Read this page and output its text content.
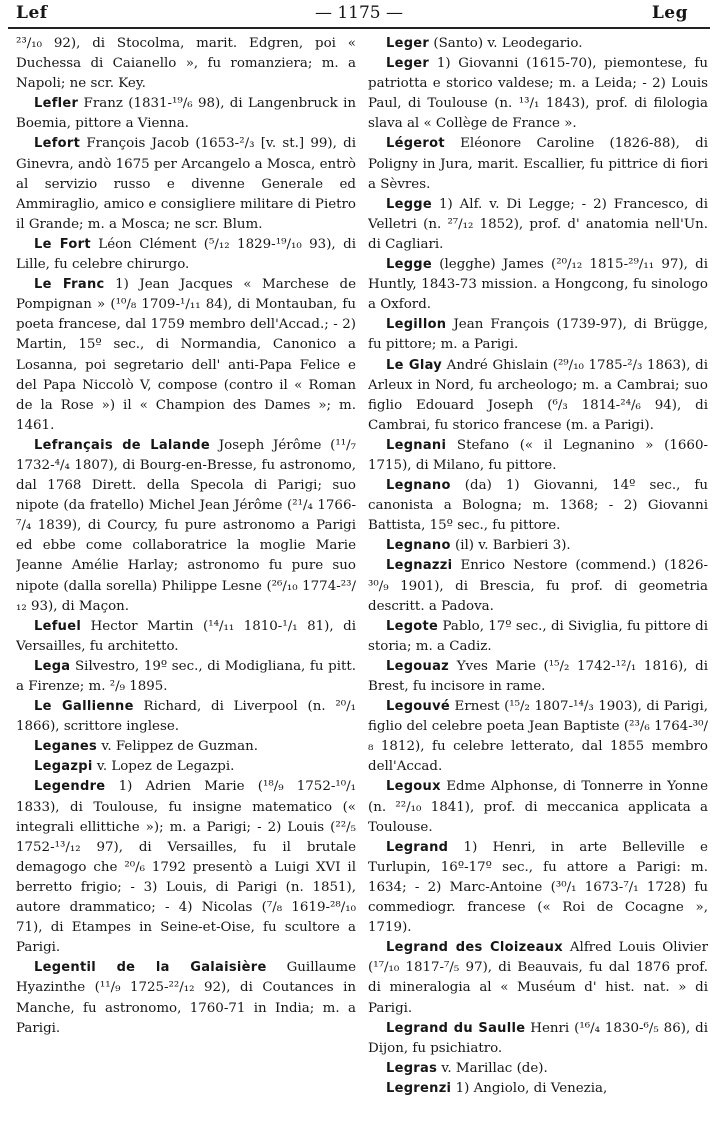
Lef	— 1175 —	Leg

²³/₁₀ 92), di Stocolma, marit. Edgren, poi « Duchessa di Caianello », fu romanziera; m. a Napoli; ne scr. Key.

Lefler Franz (1831-¹⁹/₆ 98), di Langenbruck in Boemia, pittore a Vienna.

Lefort François Jacob (1653-²/₃ [v. st.] 99), di Ginevra, andò 1675 per Arcangelo a Mosca, entrò al servizio russo e divenne Generale ed Ammiraglio, amico e consigliere militare di Pietro il Grande; m. a Mosca; ne scr. Blum.

Le Fort Léon Clément (⁵/₁₂ 1829-¹⁹/₁₀ 93), di Lille, fu celebre chirurgo.

Le Franc 1) Jean Jacques « Marchese de Pompignan » (¹⁰/₈ 1709-¹/₁₁ 84), di Montauban, fu poeta francese, dal 1759 membro dell'Accad.; - 2) Martin, 15º sec., di Normandia, Canonico a Losanna, poi segretario dell' anti-Papa Felice e del Papa Niccolò V, compose (contro il « Roman de la Rose ») il « Champion des Dames »; m. 1461.

Lefrançais de Lalande Joseph Jérôme (¹¹/₇ 1732-⁴/₄ 1807), di Bourg-en-Bresse, fu astronomo, dal 1768 Dirett. della Specola di Parigi; suo nipote (da fratello) Michel Jean Jérôme (²¹/₄ 1766-⁷/₄ 1839), di Courcy, fu pure astronomo a Parigi ed ebbe come collaboratrice la moglie Marie Jeanne Amélie Harlay; astronomo fu pure suo nipote (dalla sorella) Philippe Lesne (²⁶/₁₀ 1774-²³/₁₂ 93), di Maçon.

Lefuel Hector Martin (¹⁴/₁₁ 1810-¹/₁ 81), di Versailles, fu architetto.

Lega Silvestro, 19º sec., di Modigliana, fu pitt. a Firenze; m. ²/₉ 1895.

Le Gallienne Richard, di Liverpool (n. ²⁰/₁ 1866), scrittore inglese.

Leganes v. Felippez de Guzman.

Legazpi v. Lopez de Legazpi.

Legendre 1) Adrien Marie (¹⁸/₉ 1752-¹⁰/₁ 1833), di Toulouse, fu insigne matematico (« integrali ellittiche »); m. a Parigi; - 2) Louis (²²/₅ 1752-¹³/₁₂ 97), di Versailles, fu il brutale demagogo che ²⁰/₆ 1792 presentò a Luigi XVI il berretto frigio; - 3) Louis, di Parigi (n. 1851), autore drammatico; - 4) Nicolas (⁷/₈ 1619-²⁸/₁₀ 71), di Etampes in Seine-et-Oise, fu scultore a Parigi.

Legentil de la Galaisière Guillaume Hyazinthe (¹¹/₉ 1725-²²/₁₂ 92), di Coutances in Manche, fu astronomo, 1760-71 in India; m. a Parigi.

Leger (Santo) v. Leodegario.

Leger 1) Giovanni (1615-70), piemontese, fu patriotta e storico valdese; m. a Leida; - 2) Louis Paul, di Toulouse (n. ¹³/₁ 1843), prof. di filologia slava al « Collège de France ».

Légerot Eléonore Caroline (1826-88), di Poligny in Jura, marit. Escallier, fu pittrice di fiori a Sèvres.

Legge 1) Alf. v. Di Legge; - 2) Francesco, di Velletri (n. ²⁷/₁₂ 1852), prof. d' anatomia nell'Un. di Cagliari.

Legge (legghe) James (²⁰/₁₂ 1815-²⁹/₁₁ 97), di Huntly, 1843-73 mission. a Hongcong, fu sinologo a Oxford.

Legillon Jean François (1739-97), di Brügge, fu pittore; m. a Parigi.

Le Glay André Ghislain (²⁹/₁₀ 1785-²/₃ 1863), di Arleux in Nord, fu archeologo; m. a Cambrai; suo figlio Edouard Joseph (⁶/₃ 1814-²⁴/₆ 94), di Cambrai, fu storico francese (m. a Parigi).

Legnani Stefano (« il Legnanino » (1660-1715), di Milano, fu pittore.

Legnano (da) 1) Giovanni, 14º sec., fu canonista a Bologna; m. 1368; - 2) Giovanni Battista, 15º sec., fu pittore.

Legnano (il) v. Barbieri 3).

Legnazzi Enrico Nestore (commend.) (1826-³⁰/₉ 1901), di Brescia, fu prof. di geometria descritt. a Padova.

Legote Pablo, 17º sec., di Siviglia, fu pittore di storia; m. a Cadiz.

Legouaz Yves Marie (¹⁵/₂ 1742-¹²/₁ 1816), di Brest, fu incisore in rame.

Legouvé Ernest (¹⁵/₂ 1807-¹⁴/₃ 1903), di Parigi, figlio del celebre poeta Jean Baptiste (²³/₆ 1764-³⁰/₈ 1812), fu celebre letterato, dal 1855 membro dell'Accad.

Legoux Edme Alphonse, di Tonnerre in Yonne (n. ²²/₁₀ 1841), prof. di meccanica applicata a Toulouse.

Legrand 1) Henri, in arte Belleville e Turlupin, 16º-17º sec., fu attore a Parigi: m. 1634; - 2) Marc-Antoine (³⁰/₁ 1673-⁷/₁ 1728) fu commediogr. francese (« Roi de Cocagne », 1719).

Legrand des Cloizeaux Alfred Louis Olivier (¹⁷/₁₀ 1817-⁷/₅ 97), di Beauvais, fu dal 1876 prof. di mineralogia al « Muséum d' hist. nat. » di Parigi.

Legrand du Saulle Henri (¹⁶/₄ 1830-⁶/₅ 86), di Dijon, fu psichiatro.

Legras v. Marillac (de).

Legrenzi 1) Angiolo, di Venezia,
